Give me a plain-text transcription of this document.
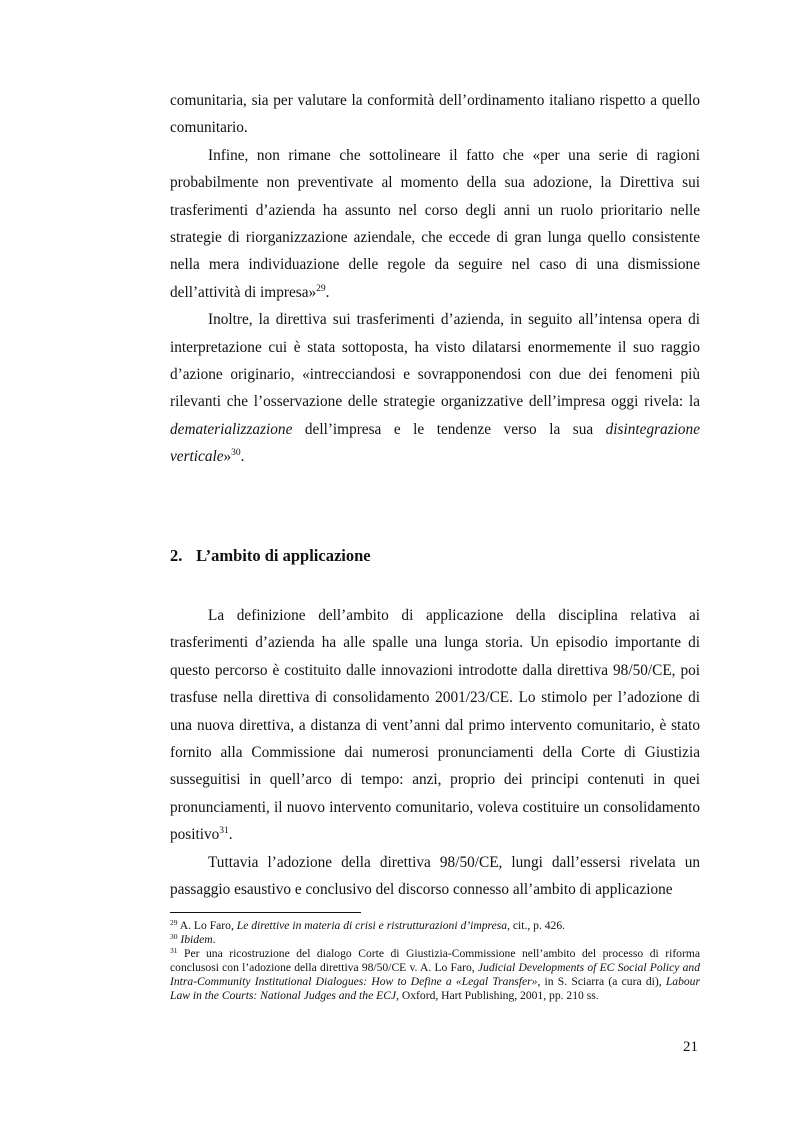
comunitaria, sia per valutare la conformità dell’ordinamento italiano rispetto a quello comunitario.

Infine, non rimane che sottolineare il fatto che «per una serie di ragioni probabilmente non preventivate al momento della sua adozione, la Direttiva sui trasferimenti d’azienda ha assunto nel corso degli anni un ruolo prioritario nelle strategie di riorganizzazione aziendale, che eccede di gran lunga quello consistente nella mera individuazione delle regole da seguire nel caso di una dismissione dell’attività di impresa»$^{29}$.

Inoltre, la direttiva sui trasferimenti d’azienda, in seguito all’intensa opera di interpretazione cui è stata sottoposta, ha visto dilatarsi enormemente il suo raggio d’azione originario, «intrecciandosi e sovrapponendosi con due dei fenomeni più rilevanti che l’osservazione delle strategie organizzative dell’impresa oggi rivela: la dematerializzazione dell’impresa e le tendenze verso la sua disintegrazione verticale»$^{30}$.

2. L’ambito di applicazione

La definizione dell’ambito di applicazione della disciplina relativa ai trasferimenti d’azienda ha alle spalle una lunga storia. Un episodio importante di questo percorso è costituito dalle innovazioni introdotte dalla direttiva 98/50/CE, poi trasfuse nella direttiva di consolidamento 2001/23/CE. Lo stimolo per l’adozione di una nuova direttiva, a distanza di vent’anni dal primo intervento comunitario, è stato fornito alla Commissione dai numerosi pronunciamenti della Corte di Giustizia susseguitisi in quell’arco di tempo: anzi, proprio dei principi contenuti in quei pronunciamenti, il nuovo intervento comunitario, voleva costituire un consolidamento positivo$^{31}$.

Tuttavia l’adozione della direttiva 98/50/CE, lungi dall’essersi rivelata un passaggio esaustivo e conclusivo del discorso connesso all’ambito di applicazione

$^{29}$ A. Lo Faro, Le direttive in materia di crisi e ristrutturazioni d’impresa, cit., p. 426.

$^{30}$ Ibidem.

$^{31}$ Per una ricostruzione del dialogo Corte di Giustizia-Commissione nell’ambito del processo di riforma conclusosi con l’adozione della direttiva 98/50/CE v. A. Lo Faro, Judicial Developments of EC Social Policy and Intra-Community Institutional Dialogues: How to Define a «Legal Transfer», in S. Sciarra (a cura di), Labour Law in the Courts: National Judges and the ECJ, Oxford, Hart Publishing, 2001, pp. 210 ss.

21
